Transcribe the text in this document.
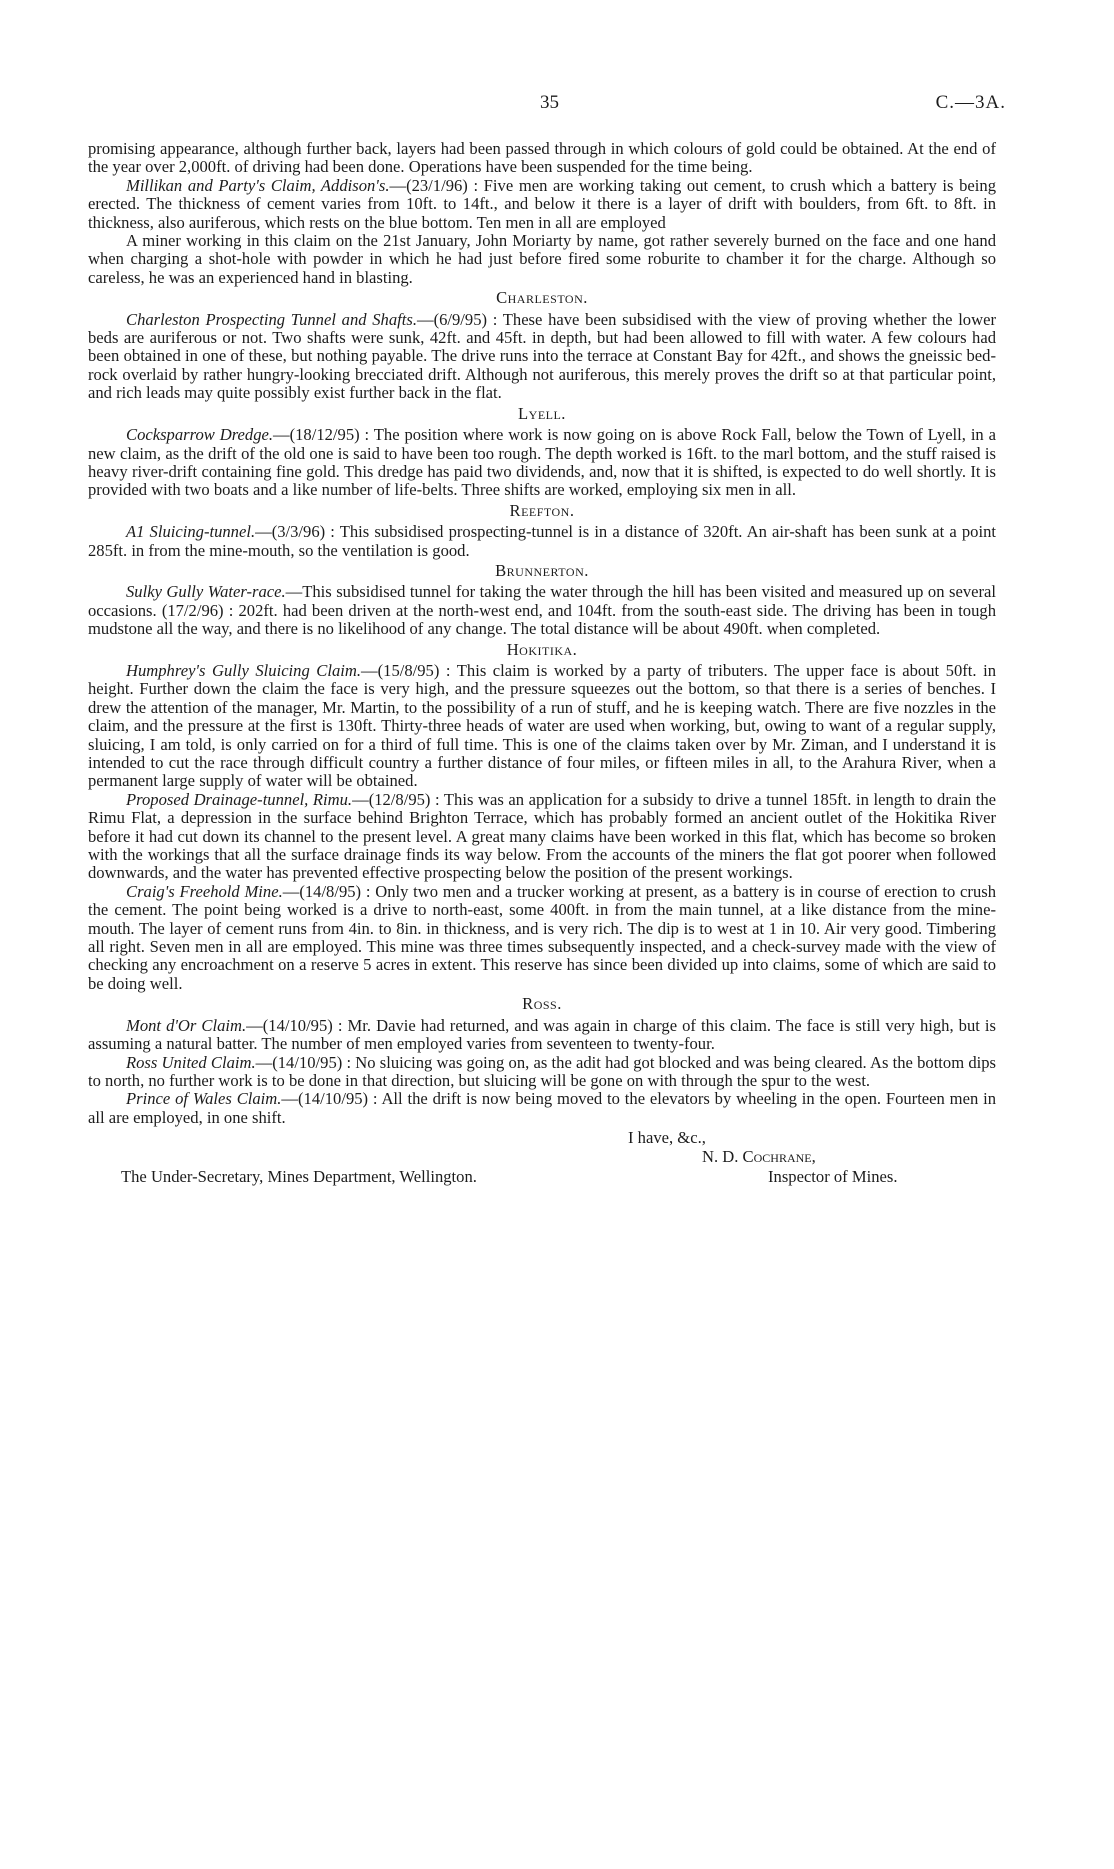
35	C.—3A.

promising appearance, although further back, layers had been passed through in which colours of gold could be obtained. At the end of the year over 2,000ft. of driving had been done. Operations have been suspended for the time being.

Millikan and Party's Claim, Addison's.—(23/1/96) : Five men are working taking out cement, to crush which a battery is being erected. The thickness of cement varies from 10ft. to 14ft., and below it there is a layer of drift with boulders, from 6ft. to 8ft. in thickness, also auriferous, which rests on the blue bottom. Ten men in all are employed

A miner working in this claim on the 21st January, John Moriarty by name, got rather severely burned on the face and one hand when charging a shot-hole with powder in which he had just before fired some roburite to chamber it for the charge. Although so careless, he was an experienced hand in blasting.

Charleston.

Charleston Prospecting Tunnel and Shafts.—(6/9/95) : These have been subsidised with the view of proving whether the lower beds are auriferous or not. Two shafts were sunk, 42ft. and 45ft. in depth, but had been allowed to fill with water. A few colours had been obtained in one of these, but nothing payable. The drive runs into the terrace at Constant Bay for 42ft., and shows the gneissic bed-rock overlaid by rather hungry-looking brecciated drift. Although not auriferous, this merely proves the drift so at that particular point, and rich leads may quite possibly exist further back in the flat.

Lyell.

Cocksparrow Dredge.—(18/12/95) : The position where work is now going on is above Rock Fall, below the Town of Lyell, in a new claim, as the drift of the old one is said to have been too rough. The depth worked is 16ft. to the marl bottom, and the stuff raised is heavy river-drift containing fine gold. This dredge has paid two dividends, and, now that it is shifted, is expected to do well shortly. It is provided with two boats and a like number of life-belts. Three shifts are worked, employing six men in all.

Reefton.

A1 Sluicing-tunnel.—(3/3/96) : This subsidised prospecting-tunnel is in a distance of 320ft. An air-shaft has been sunk at a point 285ft. in from the mine-mouth, so the ventilation is good.

Brunnerton.

Sulky Gully Water-race.—This subsidised tunnel for taking the water through the hill has been visited and measured up on several occasions. (17/2/96) : 202ft. had been driven at the north-west end, and 104ft. from the south-east side. The driving has been in tough mudstone all the way, and there is no likelihood of any change. The total distance will be about 490ft. when completed.

Hokitika.

Humphrey's Gully Sluicing Claim.—(15/8/95) : This claim is worked by a party of tributers. The upper face is about 50ft. in height. Further down the claim the face is very high, and the pressure squeezes out the bottom, so that there is a series of benches. I drew the attention of the manager, Mr. Martin, to the possibility of a run of stuff, and he is keeping watch. There are five nozzles in the claim, and the pressure at the first is 130ft. Thirty-three heads of water are used when working, but, owing to want of a regular supply, sluicing, I am told, is only carried on for a third of full time. This is one of the claims taken over by Mr. Ziman, and I understand it is intended to cut the race through difficult country a further distance of four miles, or fifteen miles in all, to the Arahura River, when a permanent large supply of water will be obtained.

Proposed Drainage-tunnel, Rimu.—(12/8/95) : This was an application for a subsidy to drive a tunnel 185ft. in length to drain the Rimu Flat, a depression in the surface behind Brighton Terrace, which has probably formed an ancient outlet of the Hokitika River before it had cut down its channel to the present level. A great many claims have been worked in this flat, which has become so broken with the workings that all the surface drainage finds its way below. From the accounts of the miners the flat got poorer when followed downwards, and the water has prevented effective prospecting below the position of the present workings.

Craig's Freehold Mine.—(14/8/95) : Only two men and a trucker working at present, as a battery is in course of erection to crush the cement. The point being worked is a drive to north-east, some 400ft. in from the main tunnel, at a like distance from the mine-mouth. The layer of cement runs from 4in. to 8in. in thickness, and is very rich. The dip is to west at 1 in 10. Air very good. Timbering all right. Seven men in all are employed. This mine was three times subsequently inspected, and a check-survey made with the view of checking any encroachment on a reserve 5 acres in extent. This reserve has since been divided up into claims, some of which are said to be doing well.

Ross.

Mont d'Or Claim.—(14/10/95) : Mr. Davie had returned, and was again in charge of this claim. The face is still very high, but is assuming a natural batter. The number of men employed varies from seventeen to twenty-four.

Ross United Claim.—(14/10/95) : No sluicing was going on, as the adit had got blocked and was being cleared. As the bottom dips to north, no further work is to be done in that direction, but sluicing will be gone on with through the spur to the west.

Prince of Wales Claim.—(14/10/95) : All the drift is now being moved to the elevators by wheeling in the open. Fourteen men in all are employed, in one shift.

I have, &c.,
N. D. Cochrane,
The Under-Secretary, Mines Department, Wellington.	Inspector of Mines.
